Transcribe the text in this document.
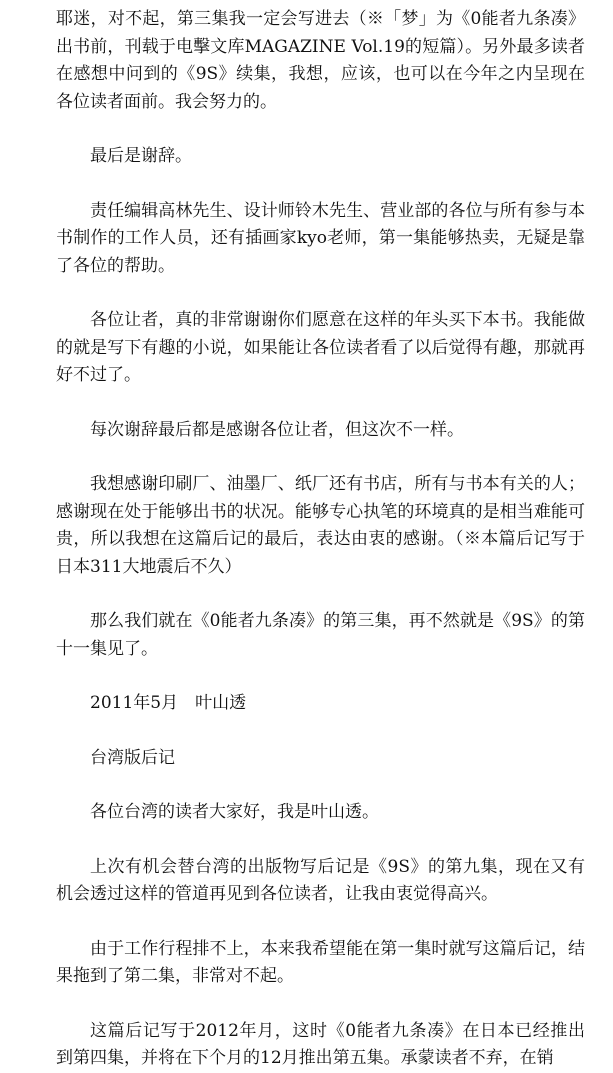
耶迷，对不起，第三集我一定会写进去（※「梦」为《0能者九条凑》出书前，刊载于电擊文库MAGAZINE Vol.19的短篇）。另外最多读者在感想中问到的《9S》续集，我想，应该，也可以在今年之内呈现在各位读者面前。我会努力的。

最后是谢辞。

责任编辑高林先生、设计师铃木先生、营业部的各位与所有参与本书制作的工作人员，还有插画家kyo老师，第一集能够热卖，无疑是靠了各位的帮助。

各位让者，真的非常谢谢你们愿意在这样的年头买下本书。我能做的就是写下有趣的小说，如果能让各位读者看了以后觉得有趣，那就再好不过了。

每次谢辞最后都是感谢各位让者，但这次不一样。

我想感谢印刷厂、油墨厂、纸厂还有书店，所有与书本有关的人；感谢现在处于能够出书的状况。能够专心执笔的环境真的是相当难能可贵，所以我想在这篇后记的最后，表达由衷的感谢。（※本篇后记写于日本311大地震后不久）

那么我们就在《0能者九条凑》的第三集，再不然就是《9S》的第十一集见了。

2011年5月　叶山透

台湾版后记

各位台湾的读者大家好，我是叶山透。

上次有机会替台湾的出版物写后记是《9S》的第九集，现在又有机会透过这样的管道再见到各位读者，让我由衷觉得高兴。

由于工作行程排不上，本来我希望能在第一集时就写这篇后记，结果拖到了第二集，非常对不起。

这篇后记写于2012年月，这时《0能者九条凑》在日本已经推出到第四集，并将在下个月的12月推出第五集。承蒙读者不弃，在销
